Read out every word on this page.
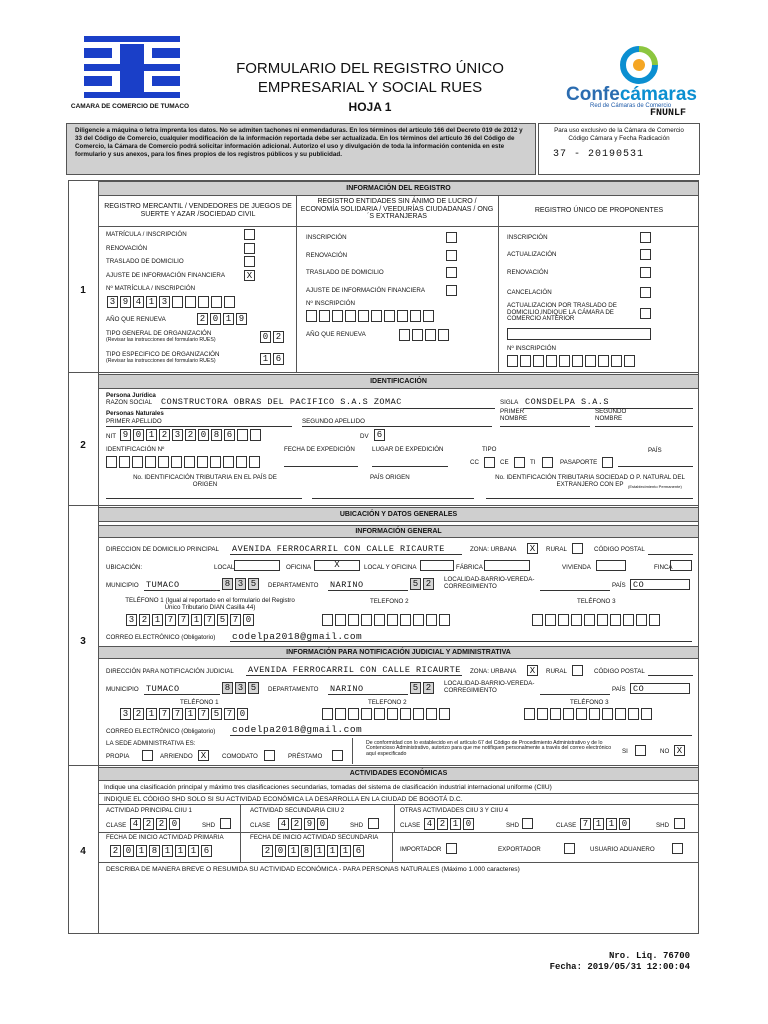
CAMARA DE COMERCIO DE TUMACO
FORMULARIO DEL REGISTRO ÚNICO
EMPRESARIAL Y SOCIAL RUES
HOJA 1
Confecámaras
Red de Cámaras de Comercio
FNUNLF
Diligencie a máquina o letra imprenta los datos. No se admiten tachones ni enmendaduras. En los términos del artículo 166 del Decreto 019 de 2012 y 33 del Código de Comercio, cualquier modificación de la información reportada debe ser actualizada. En los términos del artículo 36 del Código de Comercio, la Cámara de Comercio podrá solicitar información adicional. Autorizo el uso y divulgación de toda la información contenida en este formulario y sus anexos, para los fines propios de los registros públicos y su publicidad.
Para uso exclusivo de la Cámara de Comercio Código Cámara y Fecha Radicación
37 - 20190531
INFORMACIÓN DEL REGISTRO
1
REGISTRO MERCANTIL / VENDEDORES DE JUEGOS DE SUERTE Y AZAR /SOCIEDAD CIVIL
REGISTRO ENTIDADES SIN ÁNIMO DE LUCRO / ECONOMÍA SOLIDARIA / VEEDURÍAS CIUDADANAS / ONG´S EXTRANJERAS
REGISTRO ÚNICO DE PROPONENTES
MATRÍCULA / INSCRIPCIÓN
RENOVACIÓN
TRASLADO DE DOMICILIO
AJUSTE DE INFORMACIÓN FINANCIERA	X
Nº MATRÍCULA / INSCRIPCIÓN
3 9 4 1 3
AÑO QUE RENUEVA	2 0 1 9
TIPO GENERAL DE ORGANIZACIÓN
(Revisar las instrucciones del formulario RUES)	0 2
TIPO ESPECIFICO DE ORGANIZACIÓN
(Revisar las instrucciones del formulario RUES)	1 6
INSCRIPCIÓN
RENOVACIÓN
TRASLADO DE DOMICILIO
AJUSTE DE INFORMACIÓN FINANCIERA
Nº INSCRIPCIÓN
AÑO QUE RENUEVA
INSCRIPCIÓN
ACTUALIZACIÓN
RENOVACIÓN
CANCELACIÓN
ACTUALIZACION POR TRASLADO DE DOMICILIO,INDIQUE LA CÁMARA DE COMERCIO ANTERIOR
Nº INSCRIPCIÓN
IDENTIFICACIÓN
2
Persona Jurídica
RAZON SOCIAL CONSTRUCTORA OBRAS DEL PACIFICO S.A.S ZOMAC	SIGLA CONSDELPA S.A.S
Personas Naturales
PRIMER APELLIDO	SEGUNDO APELLIDO
PRIMER NOMBRE
SEGUNDO NOMBRE
NIT 9 0 1 2 3 2 0 8 6	DV 6
IDENTIFICACIÓN Nº	FECHA DE EXPEDICIÓN	LUGAR DE EXPEDICIÓN	TIPO
CC	CE	TI	PASAPORTE
PAÍS
No. IDENTIFICACIÓN TRIBUTARIA EN EL PAÍS DE ORIGEN
PAÍS ORIGEN	No. IDENTIFICACIÓN TRIBUTARIA SOCIEDAD O P. NATURAL DEL EXTRANJERO CON EP	(Establecimiento Permanente)
UBICACIÓN Y DATOS GENERALES
3
INFORMACIÓN GENERAL
DIRECCION DE DOMICILIO PRINCIPAL AVENIDA FERROCARRIL CON CALLE RICAURTE	ZONA: URBANA	X	RURAL	CÓDIGO POSTAL
UBICACIÓN:	LOCAL	OFICINA	X	LOCAL Y OFICINA	FÁBRICA	VIVIENDA	FINCA
MUNICIPIO TUMACO	8 3 5	DEPARTAMENTO NARINO	5 2	LOCALIDAD-BARRIO-VEREDA-CORREGIMIENTO	PAÍS CO
TELÉFONO 1 (Igual al reportado en el formulario del Registro Único Tributario DIAN Casilla 44)
3 2 1 7 7 1 7 5 7 0
TELEFONO 2	TELÉFONO 3
CORREO ELECTRÓNICO (Obligatorio) codelpa2018@gmail.com
INFORMACIÓN PARA NOTIFICACIÓN JUDICIAL Y ADMINISTRATIVA
DIRECCIÓN PARA NOTIFICACIÓN JUDICIAL AVENIDA FERROCARRIL CON CALLE RICAURTE ZONA: URBANA	X	RURAL	CÓDIGO POSTAL
MUNICIPIO TUMACO	8 3 5	DEPARTAMENTO NARINO	5 2	LOCALIDAD-BARRIO-VEREDA-CORREGIMIENTO	PAÍS CO
TELÉFONO 1
3 2 1 7 7 1 7 5 7 0
TELEFONO 2	TELÉFONO 3
CORREO ELECTRÓNICO (Obligatorio) codelpa2018@gmail.com
LA SEDE ADMINISTRATIVA ES:
PROPIA	ARRIENDO X	COMODATO	PRÉSTAMO
De conformidad con lo establecido en el artículo 67 del Código de Procedimiento Administrativo y de lo Contencioso Administrativo, autorizo para que me notifiquen personalmente a través del correo electrónico aquí especificado	SI	NO X
ACTIVIDADES ECONÓMICAS
4
Indique una clasificación principal y máximo tres clasificaciones secundarias, tomadas del sistema de clasificación industrial internacional uniforme (CIIU)
INDIQUE EL CÓDIGO SHD SOLO SI SU ACTIVIDAD ECONÓMICA LA DESARROLLA EN LA CIUDAD DE BOGOTÁ D.C.
ACTIVIDAD PRINCIPAL CIIU 1
CLASE 4 2 2 0	SHD
ACTIVIDAD SECUNDARIA CIIU 2
CLASE	4 2 9 0	SHD
OTRAS ACTIVIDADES CIIU 3 Y CIIU 4
CLASE 4 2 1 0	SHD	CLASE 7 1 1 0	SHD
FECHA DE INICIO ACTIVIDAD PRIMARIA
2 0 1 8 1 1 1 6
FECHA DE INICIO ACTIVIDAD SECUNDARIA
2 0 1 8 1 1 1 6	IMPORTADOR	EXPORTADOR	USUARIO ADUANERO
DESCRIBA DE MANERA BREVE O RESUMIDA SU ACTIVIDAD ECONÓMICA - PARA PERSONAS NATURALES (Máximo 1.000 caracteres)
Nro. Liq. 76700
Fecha: 2019/05/31 12:00:04
